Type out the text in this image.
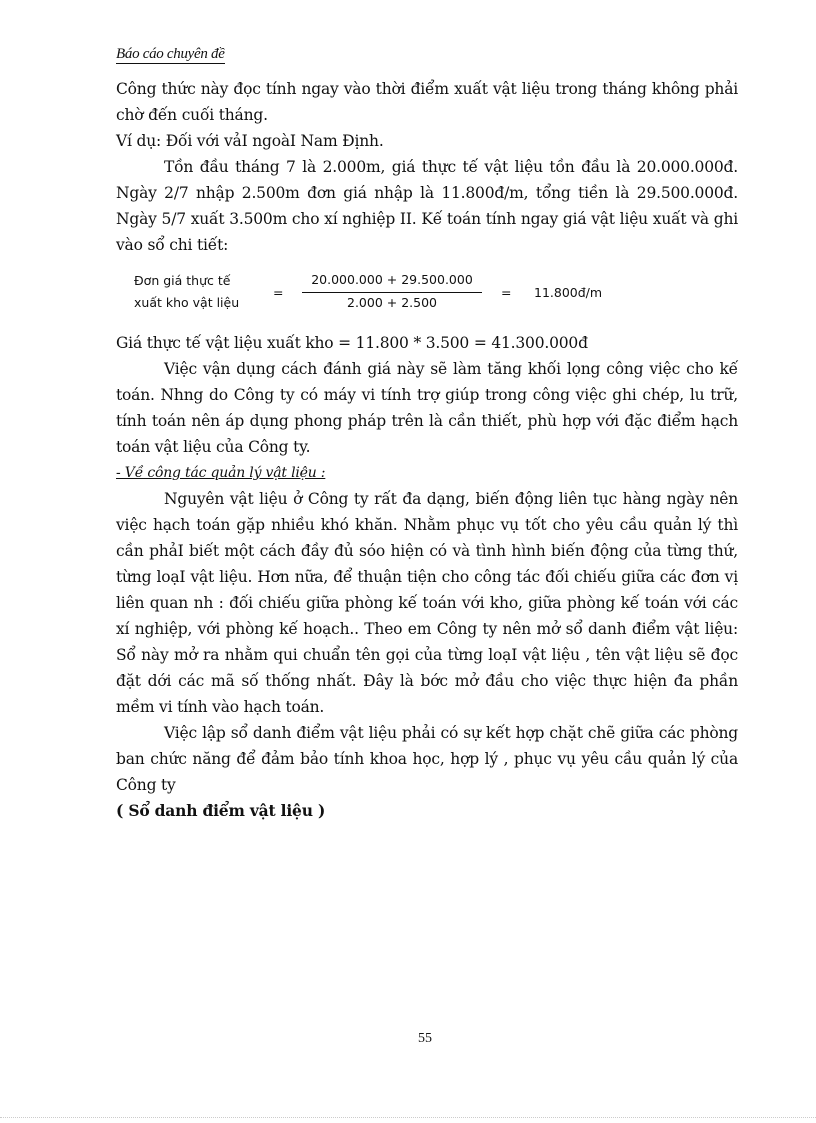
Báo cáo chuyên đề

Công thức này đọc tính ngay vào thời điểm xuất vật liệu trong tháng không phải chờ đến cuối tháng.

Ví dụ: Đối với vảI ngoàI Nam Định.

Tồn đầu tháng 7 là 2.000m, giá thực tế vật liệu tồn đầu là 20.000.000đ. Ngày 2/7 nhập 2.500m đơn giá nhập là 11.800đ/m, tổng tiền là 29.500.000đ. Ngày 5/7 xuất 3.500m cho xí nghiệp II. Kế toán tính ngay giá vật liệu xuất và ghi vào sổ chi tiết:

Đơn giá thực tế
xuất kho vật liệu
= $\frac{20.000.000 + 29.500.000}{2.000 + 2.500}$ = 11.800đ/m

Giá thực tế vật liệu xuất kho = 11.800 * 3.500 = 41.300.000đ

Việc vận dụng cách đánh giá này sẽ làm tăng khối lọng công việc cho kế toán. Nhng do Công ty có máy vi tính trợ giúp trong công việc ghi chép, lu trữ, tính toán nên áp dụng phong pháp trên là cần thiết, phù hợp với đặc điểm hạch toán vật liệu của Công ty.

- Về công tác quản lý vật liệu :

Nguyên vật liệu ở Công ty rất đa dạng, biến động liên tục hàng ngày nên việc hạch toán gặp nhiều khó khăn. Nhằm phục vụ tốt cho yêu cầu quản lý thì cần phảI biết một cách đầy đủ sóo hiện có và tình hình biến động của từng thứ, từng loạI vật liệu. Hơn nữa, để thuận tiện cho công tác đối chiếu giữa các đơn vị liên quan nh : đối chiếu giữa phòng kế toán với kho, giữa phòng kế toán với các xí nghiệp, với phòng kế hoạch.. Theo em Công ty nên mở sổ danh điểm vật liệu: Sổ này mở ra nhằm qui chuẩn tên gọi của từng loạI vật liệu , tên vật liệu sẽ đọc đặt dới các mã số thống nhất. Đây là bớc mở đầu cho việc thực hiện đa phần mềm vi tính vào hạch toán.

Việc lập sổ danh điểm vật liệu phải có sự kết hợp chặt chẽ giữa các phòng ban chức năng để đảm bảo tính khoa học, hợp lý , phục vụ yêu cầu quản lý của Công ty

( Sổ danh điểm vật liệu )

55
